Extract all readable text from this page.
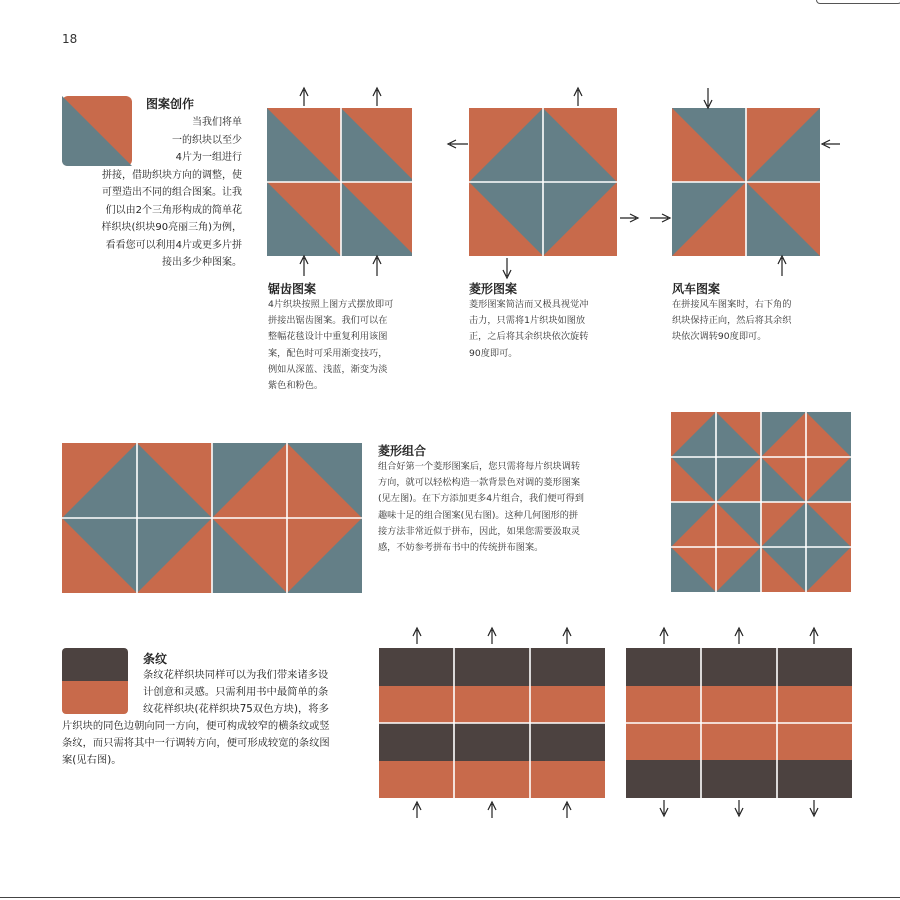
18
图案创作
当我们将单
一的织块以至少
4片为一组进行
拼接，借助织块方向的调整，使
可塑造出不同的组合图案。让我
们以由2个三角形构成的简单花
样织块(织块90亮丽三角)为例，
看看您可以利用4片或更多片拼
接出多少种图案。
锯齿图案
4片织块按照上图方式摆放即可
拼接出锯齿图案。我们可以在
整幅花毯设计中重复利用该图
案，配色时可采用渐变技巧，
例如从深蓝、浅蓝，渐变为淡
紫色和粉色。
菱形图案
菱形图案简洁而又极具视觉冲
击力，只需将1片织块如图放
正，之后将其余织块依次旋转
90度即可。
风车图案
在拼接风车图案时，右下角的
织块保持正向，然后将其余织
块依次调转90度即可。
菱形组合
组合好第一个菱形图案后，您只需将每片织块调转
方向，就可以轻松构造一款背景色对调的菱形图案
(见左图)。在下方添加更多4片组合，我们便可得到
趣味十足的组合图案(见右图)。这种几何图形的拼
接方法非常近似于拼布，因此，如果您需要汲取灵
感，不妨参考拼布书中的传统拼布图案。
条纹
条纹花样织块同样可以为我们带来诸多设
计创意和灵感。只需利用书中最简单的条
纹花样织块(花样织块75双色方块)，将多
片织块的同色边朝向同一方向，便可构成较窄的横条纹或竖
条纹，而只需将其中一行调转方向，便可形成较宽的条纹图
案(见右图)。
